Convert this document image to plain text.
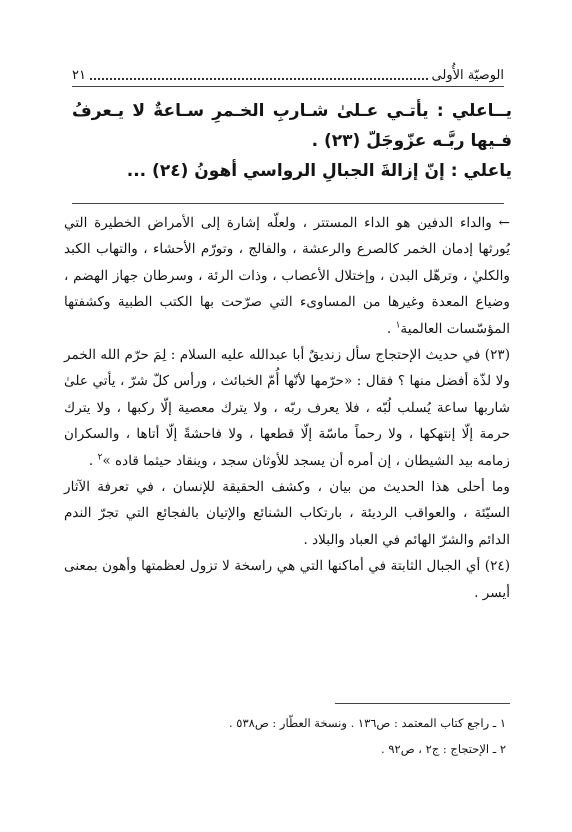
الوصيّة الأُولى
٢١

يــاعلي : يأتـي عـلىٰ شـاربِ الخـمرِ سـاعةٌ لا يـعرفُ فـيها ربَّـه عزّوجَلّ (٢٣) .

ياعلي : إنّ إزالةَ الجبالِ الرواسي أهونُ (٢٤) ...

← والداء الدفين هو الداء المستتر ، ولعلّه إشارة إلى الأمراض الخطيرة التي يُورثها إدمان الخمر كالصرع والرعشة ، والفالج ، وتورّم الأحشاء ، والتهاب الكبد والكليٰ ، وترهّل البدن ، وإختلال الأعصاب ، وذات الرئة ، وسرطان جهاز الهضم ، وضياع المعدة وغيرها من المساوىء التي صرّحت بها الكتب الطبية وكشفتها المؤسّسات العالمية$^١$ .

(٢٣) في حديث الإحتجاج سأل زنديقٌ أبا عبدالله عليه السلام : لِمَ حرّم الله الخمر ولا لذّة أفضل منها ؟ فقال : «حرّمها لأنّها أُمّ الخبائث ، ورأس كلّ شرّ ، يأتي علىٰ شاربها ساعة يُسلب لُبّه ، فلا يعرف ربّه ، ولا يترك معصية إلّا ركبها ، ولا يترك حرمة إلّا إنتهكها ، ولا رحماً ماسّة إلّا قطعها ، ولا فاحشةً إلّا أتاها ، والسكران زمامه بيد الشيطان ، إن أمره أن يسجد للأوثان سجد ، وينقاد حيثما قاده »$^٢$ .

وما أحلى هذا الحديث من بيان ، وكشف الحقيقة للإنسان ، في تعرفة الآثار السيّئة ، والعواقب الرديئة ، بارتكاب الشنائع والإتيان بالفجائع التي تجرّ الندم الدائم والشرّ الهائم في العباد والبلاد .

(٢٤) أي الجبال الثابتة في أماكنها التي هي راسخة لا تزول لعظمتها وأهون بمعنى أيسر .

١ ـ راجع كتاب المعتمد : ص١٣٦ . ونسخة العطّار : ص٥٣٨ .

٢ ـ الإحتجاج : ج٢ ، ص٩٢ .
